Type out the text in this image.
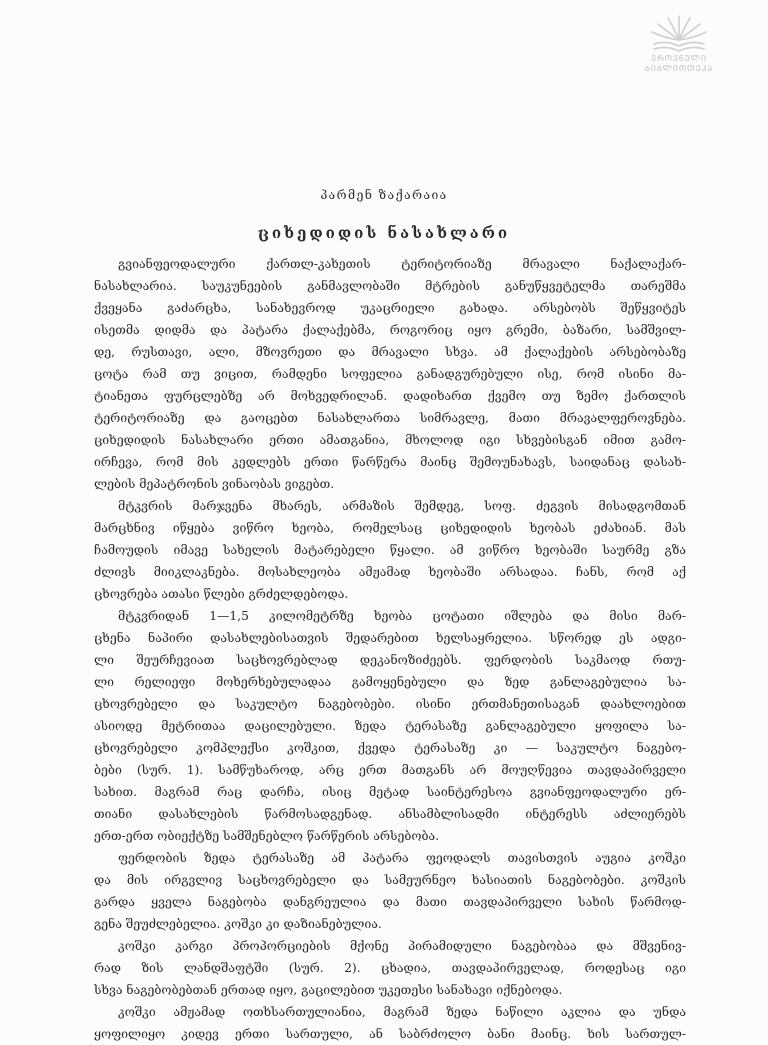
ᲔᲠᲝᲕᲜᲣᲚᲘ
ᲑᲘᲑᲚᲘᲝᲗᲔᲙᲐ
პარმენ ზაქარაია
ციხედიდის ნასახლარი
გვიანფეოდალური ქართლ-კახეთის ტერიტორიაზე მრავალი ნაქალაქარ-
ნასახლარია. საუკუნეების განმავლობაში მტრების განუწყვეტელმა თარეშმა
ქვეყანა გაძარცხა, სანახევროდ უკაცრიელი გახადა. არსებობს შეწყვიტეს
ისეთმა დიდმა და პატარა ქალაქებმა, როგორიც იყო გრემი, ბაზარი, სამშვილ-
დე, რუსთავი, ალი, მზოვრეთი და მრავალი სხვა. ამ ქალაქების არსებობაზე
ცოტა რამ თუ ვიცით, რამდენი სოფელია განადგურებული ისე, რომ ისინი მა-
ტიანეთა ფურცლებზე არ მოხვედრილან. დადიხართ ქვემო თუ ზემო ქართლის
ტერიტორიაზე და გაოცებთ ნასახლართა სიმრავლე, მათი მრავალფეროვნება.
ციხედიდის ნასახლარი ერთი ამათგანია, მხოლოდ იგი სხვებისგან იმით გამო-
ირჩევა, რომ მის კედლებს ერთი წარწერა მაინც შემოუნახავს, საიდანაც დასახ-
ლების მეპატრონის ვინაობას ვიგებთ.
მტკვრის მარჯვენა მხარეს, არმაზის შემდეგ, სოფ. ძეგვის მისადგომთან
მარცხნივ იწყება ვიწრო ხეობა, რომელსაც ციხედიდის ხეობას ეძახიან. მას
ჩამოუდის იმავე სახელის მატარებელი წყალი. ამ ვიწრო ხეობაში საურმე გზა
ძლივს მიიკლაკნება. მოსახლეობა ამჟამად ხეობაში არსადაა. ჩანს, რომ აქ
ცხოვრება ათასი წლები გრძელდებოდა.
მტკვრიდან 1—1,5 კილომეტრზე ხეობა ცოტათი იშლება და მისი მარ-
ცხენა ნაპირი დასახლებისათვის შედარებით ხელსაყრელია. სწორედ ეს ადგი-
ლი შეურჩევიათ საცხოვრებლად დეკანოზიძეებს. ფერდობის საკმაოდ რთუ-
ლი რელიეფი მოხერხებულადაა გამოყენებული და ზედ განლაგებულია სა-
ცხოვრებელი და საკულტო ნაგებობები. ისინი ერთმანეთისაგან დაახლოებით
ასიოდე მეტრითაა დაცილებული. ზედა ტერასაზე განლაგებული ყოფილა სა-
ცხოვრებელი კომპლექსი კოშკით, ქვედა ტერასაზე კი — საკულტო ნაგებო-
ბები (სურ. 1). სამწუხაროდ, არც ერთ მათგანს არ მოუღწევია თავდაპირველი
სახით. მაგრამ რაც დარჩა, ისიც მეტად საინტერესოა გვიანფეოდალური ერ-
თიანი დასახლების წარმოსადგენად. ანსამბლისადმი ინტერესს აძლიერებს
ერთ-ერთ ობიექტზე სამშენებლო წარწერის არსებობა.
ფერდობის ზედა ტერასაზე ამ პატარა ფეოდალს თავისთვის აუგია კოშკი
და მის ირგვლივ საცხოვრებელი და სამეურნეო ხასიათის ნაგებობები. კოშკის
გარდა ყველა ნაგებობა დანგრეულია და მათი თავდაპირველი სახის წარმოდ-
გენა შეუძლებელია. კოშკი კი დაზიანებულია.
კოშკი კარგი პროპორციების მქონე პირამიდული ნაგებობაა და მშვენივ-
რად ზის ლანდშაფტში (სურ. 2). ცხადია, თავდაპირველად, როდესაც იგი
სხვა ნაგებობებთან ერთად იყო, გაცილებით უკეთესი სანახავი იქნებოდა.
კოშკი ამჟამად ოთხსართულიანია, მაგრამ ზედა ნაწილი აკლია და უნდა
ყოფილიყო კიდევ ერთი სართული, ან საბრძოლო ბანი მაინც. ხის სართულ-
